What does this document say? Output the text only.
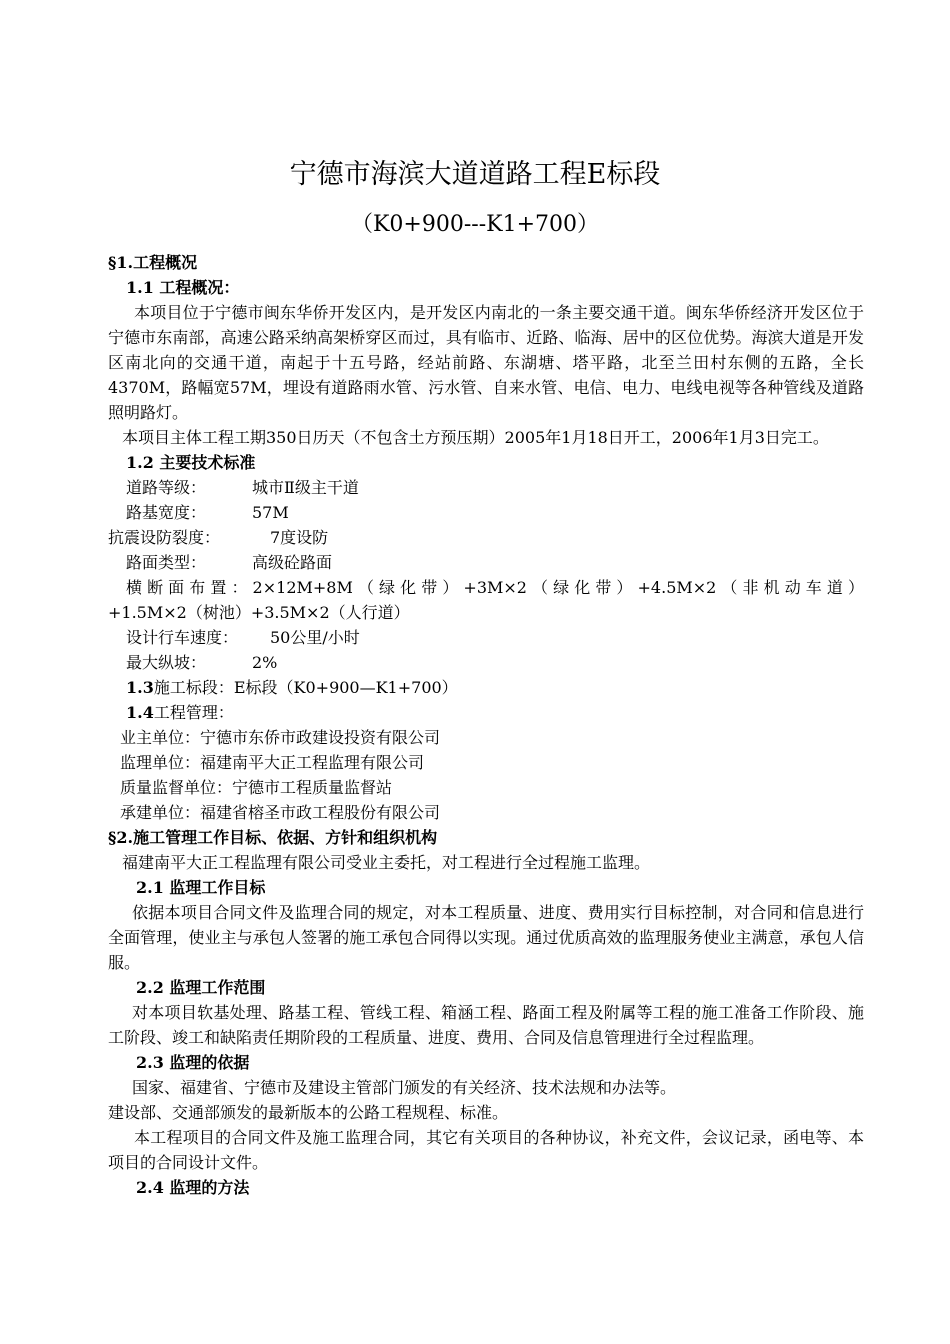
宁德市海滨大道道路工程E标段
（K0+900---K1+700）

§1.工程概况

1.1 工程概况：

本项目位于宁德市闽东华侨开发区内，是开发区内南北的一条主要交通干道。闽东华侨经济开发区位于宁德市东南部，高速公路采纳高架桥穿区而过，具有临市、近路、临海、居中的区位优势。海滨大道是开发区南北向的交通干道，南起于十五号路，经站前路、东湖塘、塔平路，北至兰田村东侧的五路，全长4370M，路幅宽57M，埋设有道路雨水管、污水管、自来水管、电信、电力、电线电视等各种管线及道路照明路灯。

本项目主体工程工期350日历天（不包含土方预压期）2005年1月18日开工，2006年1月3日完工。

1.2 主要技术标准

道路等级：	城市Ⅱ级主干道
路基宽度：	57M
抗震设防裂度：	7度设防
路面类型：	高级砼路面

横断面布置：2×12M+8M（绿化带）+3M×2（绿化带）+4.5M×2（非机动车道）

+1.5M×2（树池）+3.5M×2（人行道）

设计行车速度：	50公里/小时
最大纵坡：	2%

1.3施工标段：E标段（K0+900—K1+700）

1.4工程管理：

业主单位：宁德市东侨市政建设投资有限公司

监理单位：福建南平大正工程监理有限公司

质量监督单位：宁德市工程质量监督站

承建单位：福建省榕圣市政工程股份有限公司

§2.施工管理工作目标、依据、方针和组织机构

福建南平大正工程监理有限公司受业主委托，对工程进行全过程施工监理。

2.1 监理工作目标

依据本项目合同文件及监理合同的规定，对本工程质量、进度、费用实行目标控制，对合同和信息进行全面管理，使业主与承包人签署的施工承包合同得以实现。通过优质高效的监理服务使业主满意，承包人信服。

2.2 监理工作范围

对本项目软基处理、路基工程、管线工程、箱涵工程、路面工程及附属等工程的施工准备工作阶段、施工阶段、竣工和缺陷责任期阶段的工程质量、进度、费用、合同及信息管理进行全过程监理。

2.3 监理的依据

国家、福建省、宁德市及建设主管部门颁发的有关经济、技术法规和办法等。

建设部、交通部颁发的最新版本的公路工程规程、标准。

本工程项目的合同文件及施工监理合同，其它有关项目的各种协议，补充文件，会议记录，函电等、本项目的合同设计文件。

2.4 监理的方法
